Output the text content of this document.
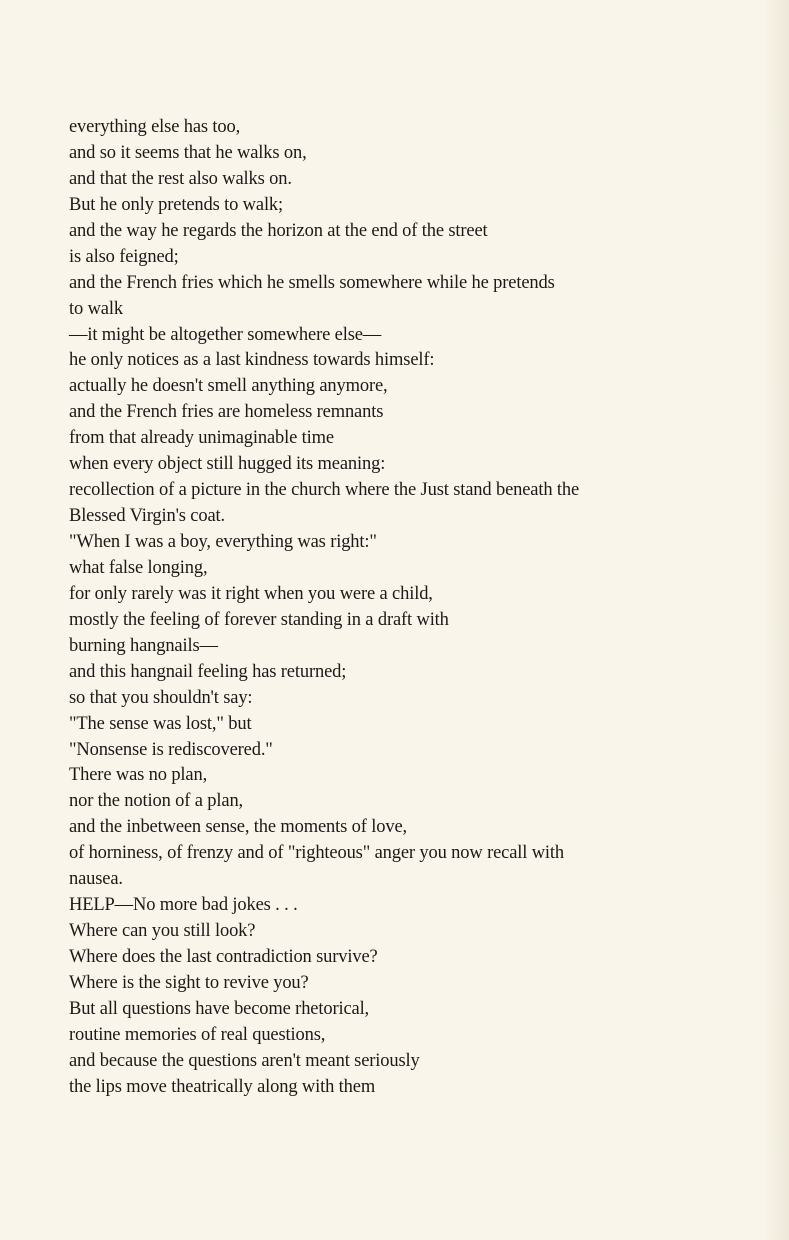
everything else has too,
and so it seems that he walks on,
and that the rest also walks on.
But he only pretends to walk;
and the way he regards the horizon at the end of the street
is also feigned;
and the French fries which he smells somewhere while he pretends
to walk
—it might be altogether somewhere else—
he only notices as a last kindness towards himself:
actually he doesn't smell anything anymore,
and the French fries are homeless remnants
from that already unimaginable time
when every object still hugged its meaning:
recollection of a picture in the church where the Just stand beneath the
Blessed Virgin's coat.
"When I was a boy, everything was right:"
what false longing,
for only rarely was it right when you were a child,
mostly the feeling of forever standing in a draft with
burning hangnails—
and this hangnail feeling has returned;
so that you shouldn't say:
"The sense was lost," but
"Nonsense is rediscovered."
There was no plan,
nor the notion of a plan,
and the inbetween sense, the moments of love,
of horniness, of frenzy and of "righteous" anger you now recall with
nausea.
HELP—No more bad jokes . . .
Where can you still look?
Where does the last contradiction survive?
Where is the sight to revive you?
But all questions have become rhetorical,
routine memories of real questions,
and because the questions aren't meant seriously
the lips move theatrically along with them
